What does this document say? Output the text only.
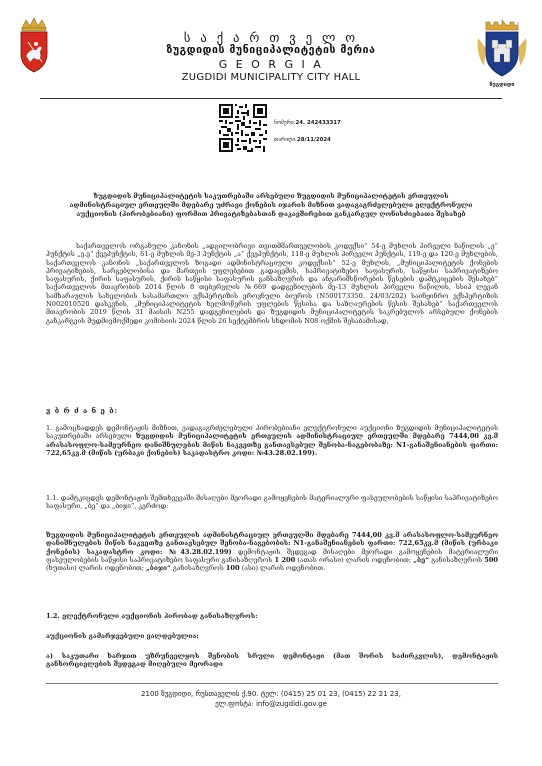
ზუგდიდი
ს ა ქ ა რ თ ვ ე ლ ო
ზუგდიდის მუნიციპალიტეტის მერია
G E O R G I A
ZUGDIDI MUNICIPALITY CITY HALL
ნომერი:24. 242433317
თარიღი:28/11/2024
ზუგდიდის მუნიციპალიტეტის საკუთრებაში არსებული ზუგდიდის მუნიციპალიტეტის ერთეულის ადმინისტრაციულ ერთეულში მდებარე უძრავი ქონების იჯარის მიზნით ვადაგაგრძელებული ელექტრონული აუქციონის (პირობებიანი) ფორმით პრივატიზებასთან დაკავშირებით განკარგულ ღონისძიებათა შესახებ
საქართველოს ორგანული კანონის „ადგილობრივი თვითმმართველობის კოდექსი“ 54-ე მუხლის პირველი ნაწილის „ე“ პუნქტის „ე.ე“ ქვეპუნქტის, 61-ე მუხლის მე-3 პუნქტის „ა“ ქვეპუნქტის, 118-ე მუხლის პირველი პუნქტის, 119-ე და 120-ე მუხლების, საქართველოს კანონის „საქართველოს ზოგადი ადმინისტრაციული კოდექსის“ 52-ე მუხლის, „მუნიციპალიტეტის ქონების პრივატიზების, სარგებლობისა და მართვის უფლებებით გადაცემის, საპრივატიზებო საფასურის, საწყისი საპრივატიზებო საფასურის, ქირის საფასურის, ქირის საწყისი საფასურის განსაზღვრის და ანგარიშსწორების წესების დამტკიცების შესახებ“ საქართველოს მთავრობის 2014 წლის 8 თებერვლის №669 დადგენილების მე-13 მუხლის პირველი ნაწილის, სსიპ ლევან სამხარაულის სახელობის სასამართლო ექსპერტიზის ეროვნული ბიუროს (N500173350. 24/03/202) საინჟინრო ექსპერტიზის N002010520 დასკვნის, „მუნიციპალიტეტის ხელმოწერის უფლების წესისა და საზღაურების წესის შესახებ“ საქართველოს მთავრობის 2019 წლის 31 მაისის N255 დადგენილების და ზუგდიდის მუნიციპალიტეტის საკრებულოს არსებული ქონების განკარგვის მუდმივმოქმედი კომისიის 2024 წლის 26 სექტემბრის სხდომის N08 ოქმის შესაბამისად,
ვ ბ რ ძ ა ნ ე ბ:
1. გამოცხადდეს დემონტაჟის მიზნით, ვადაგაგრძელებული პირობებიანი ელექტრონული აუქციონი ზუგდიდის მუნიციპალიტეტის საკუთრებაში არსებული ზუგდიდის მუნიციპალიტეტის ერთეულის ადმინისტრაციულ ერთეულში მდებარე 7444,00 კვ.მ არასასოფლო-სამეურნეო დანიშნულების მიწის ნაკვეთზე განთავსებულ შენობა-ნაგებობაზე: N1-განაშენიანების ფართი: 722,65კვ.მ (მიწის (ურბაკი ქონების) საკადასტრო კოდი: №43.28.02.199).
1.1. დამტკიცდეს დემონტაჟის შემთხვევაში მისაღები მეორადი გამოყენების მატერიალური ფასეულობების საწყისი საპრივატიზებო საფასური, „ბე“ და „ბიჯი“, კერძოდ:
ზუგდიდის მუნიციპალიტეტის ერთეულის ადმინისტრაციულ ერთეულში მდებარე 7444,00 კვ.მ არასასოფლო-სამეურნეო დანიშნულების მიწის ნაკვეთზე განთავსებულ შენობა-ნაგებობის: N1-განაშენიანების ფართი: 722,65კვ.მ (მიწის (ურბაკი ქონების) საკადასტრო კოდი: №43.28.02.199) დემონტაჟის შედეგად მისაღები მეორადი გამოყენების მატერიალური ფასეულობების საწყისი საპრივატიზებო საფასური განისაზღვროს 1 200 (ათას ორასი) ლარის ოდენობით; „ბე“ განისაზღვროს 500 (ხუთასი) ლარის ოდენობით; „ბიჯი“ განისაზღვროს 100 (ასი) ლარის ოდენობით.
1.2. ელექტრონული აუქციონის პირობად განისაზღვროს:
აუქციონის გამარჯვებული ვალდებულია:
ა) საკუთარი ხარჯით უზრუნველყოს შენობის სრული დემონტაჟი (მათ შორის საძირკვლის), დემონტაჟის განხორციელების შედეგად მიღებული მეორადი
2100 ზუგდიდი, რუსთაველის ქ.90. ტელ: (0415) 25 01 23, (0415) 22 21 23,
ელ.ფოსტა: info@zugdidi.gov.ge
